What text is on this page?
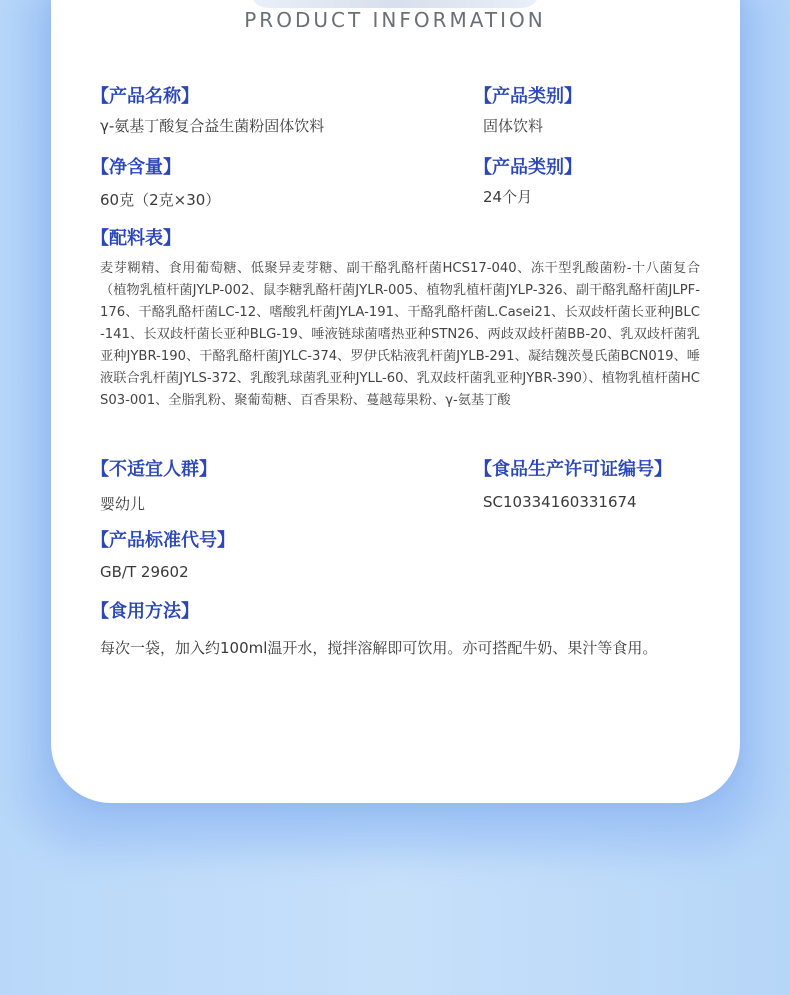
PRODUCT INFORMATION
【产品名称】
γ-氨基丁酸复合益生菌粉固体饮料
【产品类别】
固体饮料
【净含量】
60克（2克×30）
【产品类别】
24个月
【配料表】
麦芽糊精、食用葡萄糖、低聚异麦芽糖、副干酪乳酪杆菌HCS17-040、冻干型乳酸菌粉-十八菌复合（植物乳植杆菌JYLP-002、鼠李糖乳酪杆菌JYLR-005、植物乳植杆菌JYLP-326、副干酪乳酪杆菌JLPF-176、干酪乳酪杆菌LC-12、嗜酸乳杆菌JYLA-191、干酪乳酪杆菌L.Casei21、长双歧杆菌长亚种JBLC-141、长双歧杆菌长亚种BLG-19、唾液链球菌嗜热亚种STN26、两歧双歧杆菌BB-20、乳双歧杆菌乳亚种JYBR-190、干酪乳酪杆菌JYLC-374、罗伊氏粘液乳杆菌JYLB-291、凝结魏茨曼氏菌BCN019、唾液联合乳杆菌JYLS-372、乳酸乳球菌乳亚种JYLL-60、乳双歧杆菌乳亚种JYBR-390）、植物乳植杆菌HCS03-001、全脂乳粉、聚葡萄糖、百香果粉、蔓越莓果粉、γ-氨基丁酸
【不适宜人群】
婴幼儿
【食品生产许可证编号】
SC10334160331674
【产品标准代号】
GB/T 29602
【食用方法】
每次一袋，加入约100ml温开水，搅拌溶解即可饮用。亦可搭配牛奶、果汁等食用。
